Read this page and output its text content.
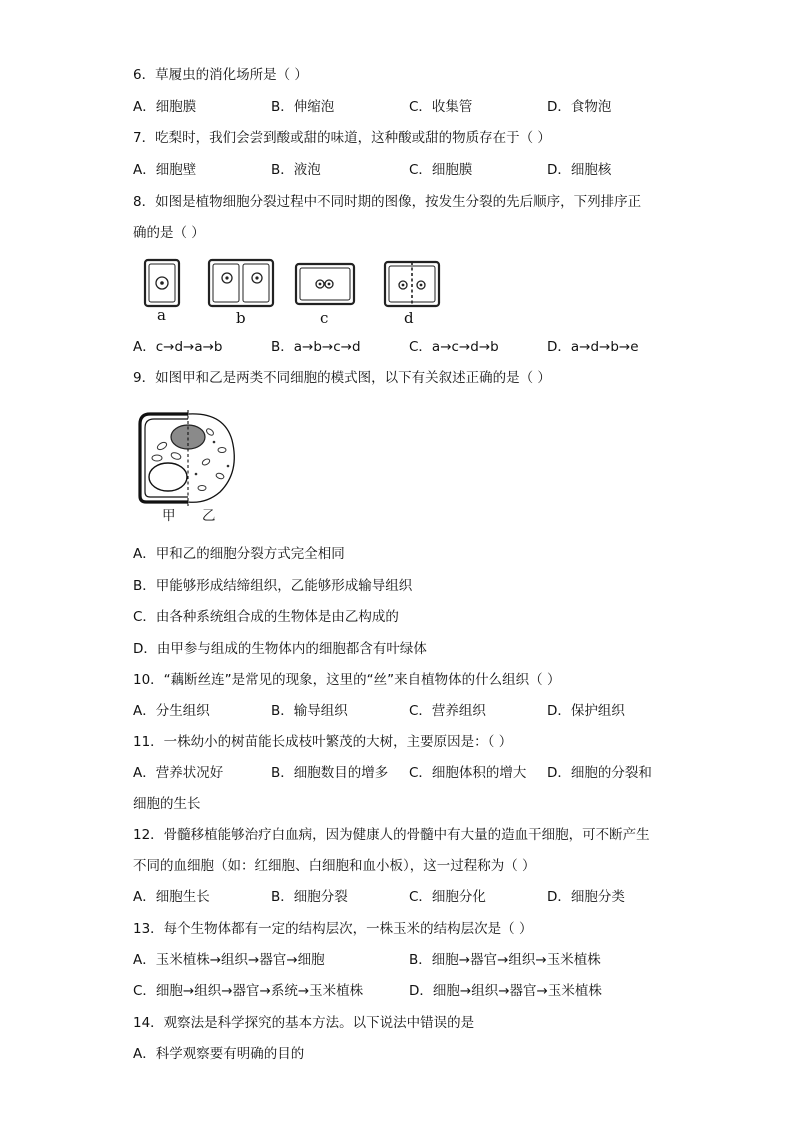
6．草履虫的消化场所是（ ）
A．细胞膜	B．伸缩泡	C．收集管	D．食物泡
7．吃梨时，我们会尝到酸或甜的味道，这种酸或甜的物质存在于（ ）
A．细胞壁	B．液泡	C．细胞膜	D．细胞核
8．如图是植物细胞分裂过程中不同时期的图像，按发生分裂的先后顺序，下列排序正
确的是（ ）
a	b	c	d
A．c→d→a→b	B．a→b→c→d	C．a→c→d→b	D．a→d→b→e
9．如图甲和乙是两类不同细胞的模式图，以下有关叙述正确的是（ ）
甲 乙
A．甲和乙的细胞分裂方式完全相同
B．甲能够形成结缔组织，乙能够形成输导组织
C．由各种系统组合成的生物体是由乙构成的
D．由甲参与组成的生物体内的细胞都含有叶绿体
10．“藕断丝连”是常见的现象，这里的“丝”来自植物体的什么组织（ ）
A．分生组织	B．输导组织	C．营养组织	D．保护组织
11．一株幼小的树苗能长成枝叶繁茂的大树，主要原因是：（ ）
A．营养状况好	B．细胞数目的增多 C．细胞体积的增大 D．细胞的分裂和
细胞的生长
12．骨髓移植能够治疗白血病，因为健康人的骨髓中有大量的造血干细胞，可不断产生
不同的血细胞（如：红细胞、白细胞和血小板），这一过程称为（ ）
A．细胞生长	B．细胞分裂	C．细胞分化	D．细胞分类
13．每个生物体都有一定的结构层次，一株玉米的结构层次是（ ）
A．玉米植株→组织→器官→细胞	B．细胞→器官→组织→玉米植株
C．细胞→组织→器官→系统→玉米植株	D．细胞→组织→器官→玉米植株
14．观察法是科学探究的基本方法。以下说法中错误的是
A．科学观察要有明确的目的
